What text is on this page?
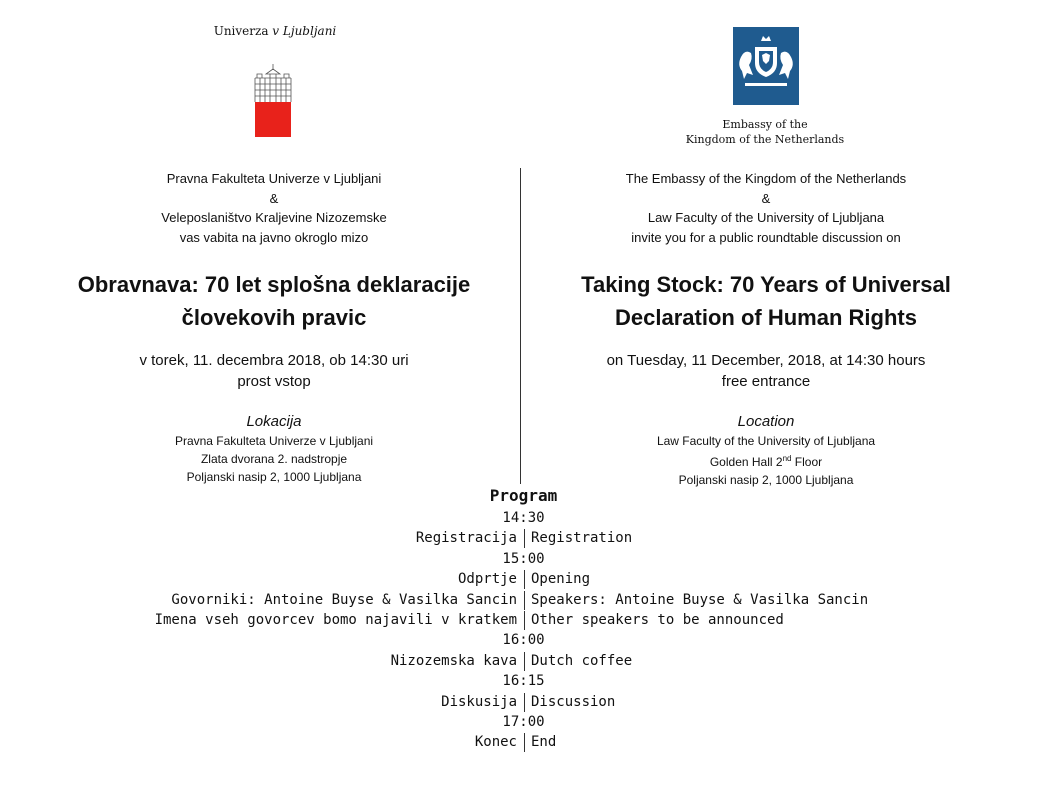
Univerza v Ljubljani
Embassy of the
Kingdom of the Netherlands
Pravna Fakulteta Univerze v Ljubljani
&
Veleposlaništvo Kraljevine Nizozemske
vas vabita na javno okroglo mizo
Obravnava: 70 let splošna deklaracije
človekovih pravic
v torek, 11. decembra 2018, ob 14:30 uri
prost vstop
Lokacija
Pravna Fakulteta Univerze v Ljubljani
Zlata dvorana 2. nadstropje
Poljanski nasip 2, 1000 Ljubljana
The Embassy of the Kingdom of the Netherlands
&
Law Faculty of the University of Ljubljana
invite you for a public roundtable discussion on
Taking Stock: 70 Years of Universal
Declaration of Human Rights
on Tuesday, 11 December, 2018, at 14:30 hours
free entrance
Location
Law Faculty of the University of Ljubljana
Golden Hall 2nd Floor
Poljanski nasip 2, 1000 Ljubljana
Program
14:30
Registracija Registration
15:00
Odprtje Opening
Govorniki: Antoine Buyse & Vasilka Sancin Speakers: Antoine Buyse & Vasilka Sancin
Imena vseh govorcev bomo najavili v kratkem Other speakers to be announced
16:00
Nizozemska kava Dutch coffee
16:15
Diskusija Discussion
17:00
Konec End
